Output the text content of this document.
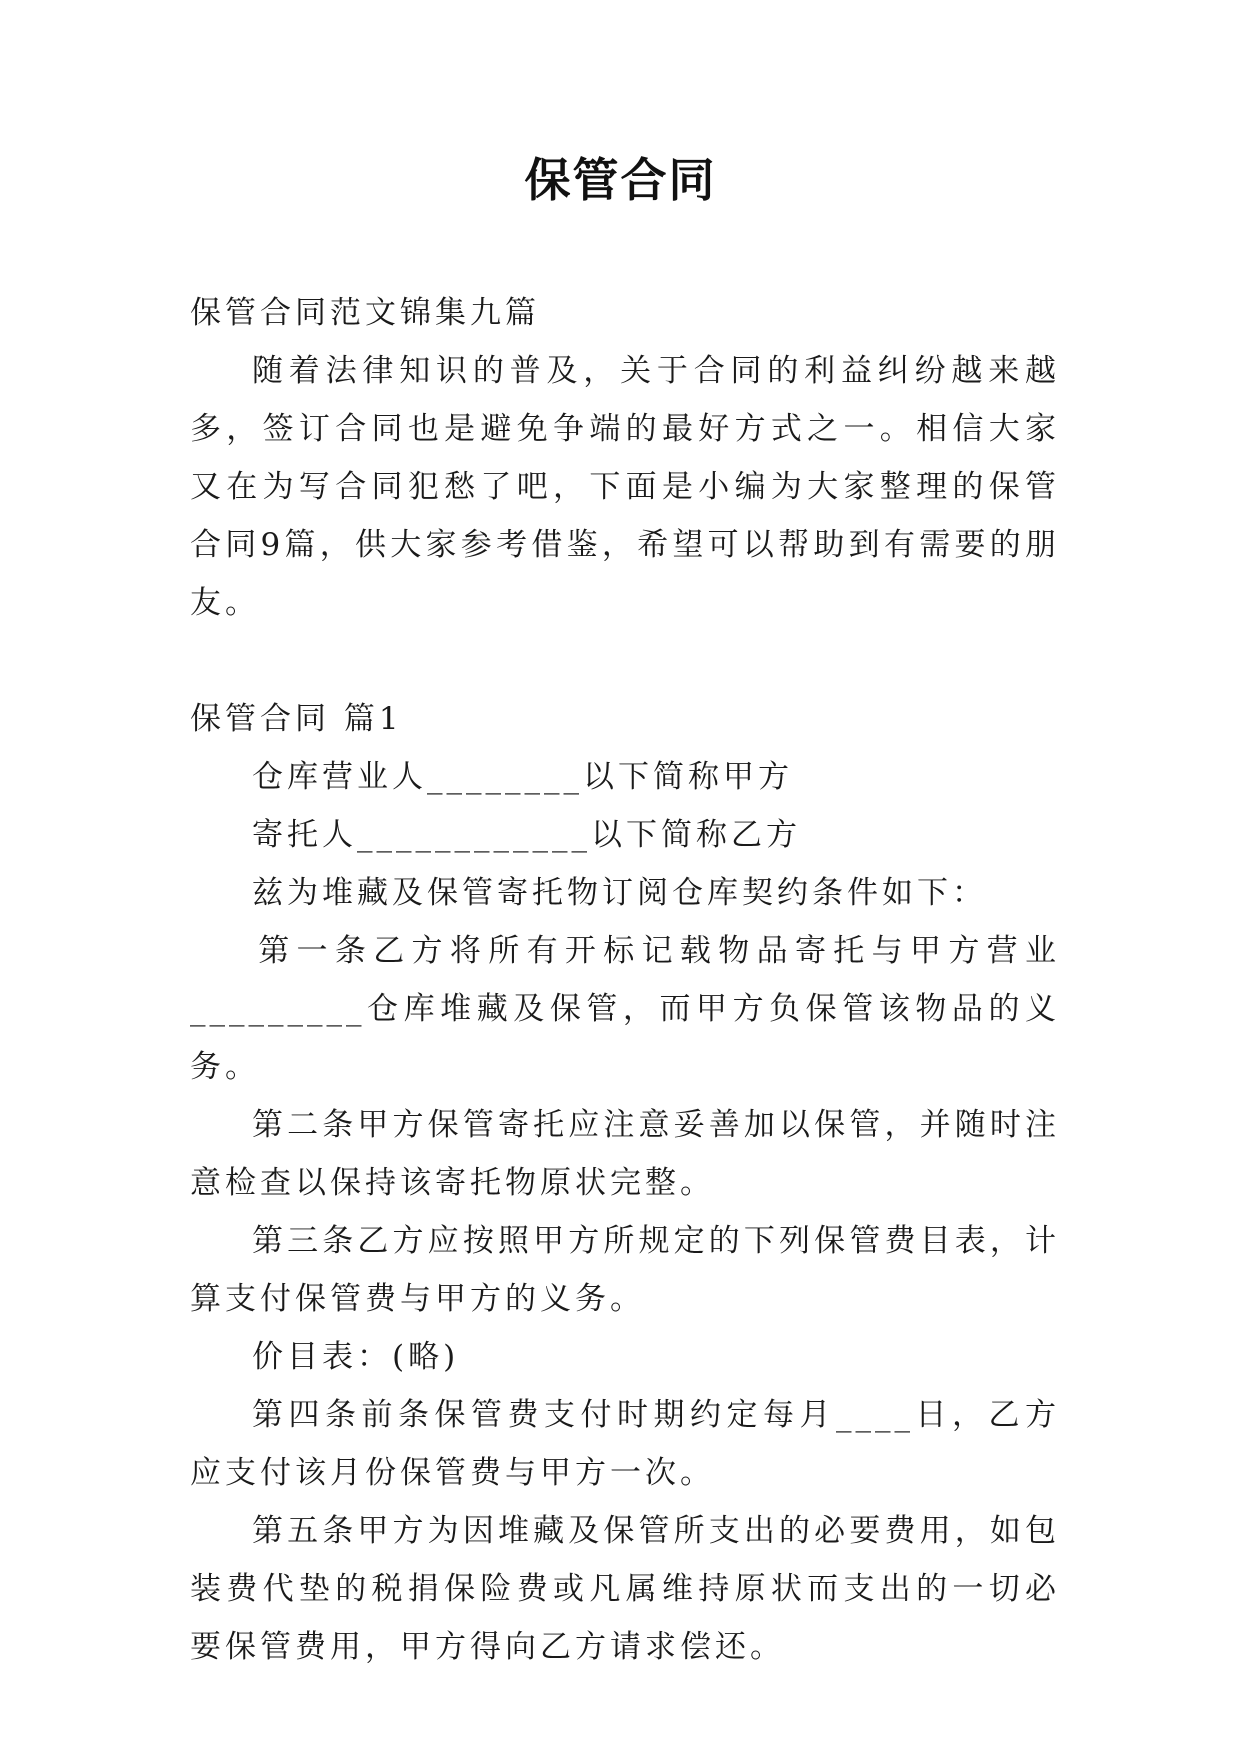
保管合同

保管合同范文锦集九篇

随着法律知识的普及，关于合同的利益纠纷越来越多，签订合同也是避免争端的最好方式之一。相信大家又在为写合同犯愁了吧，下面是小编为大家整理的保管合同9篇，供大家参考借鉴，希望可以帮助到有需要的朋友。

保管合同 篇1

仓库营业人________以下简称甲方

寄托人____________以下简称乙方

兹为堆藏及保管寄托物订阅仓库契约条件如下：

第一条乙方将所有开标记载物品寄托与甲方营业_________仓库堆藏及保管，而甲方负保管该物品的义务。

第二条甲方保管寄托应注意妥善加以保管，并随时注意检查以保持该寄托物原状完整。

第三条乙方应按照甲方所规定的下列保管费目表，计算支付保管费与甲方的义务。

价目表：(略)

第四条前条保管费支付时期约定每月____日，乙方应支付该月份保管费与甲方一次。

第五条甲方为因堆藏及保管所支出的必要费用，如包装费代垫的税捐保险费或凡属维持原状而支出的一切必要保管费用，甲方得向乙方请求偿还。
